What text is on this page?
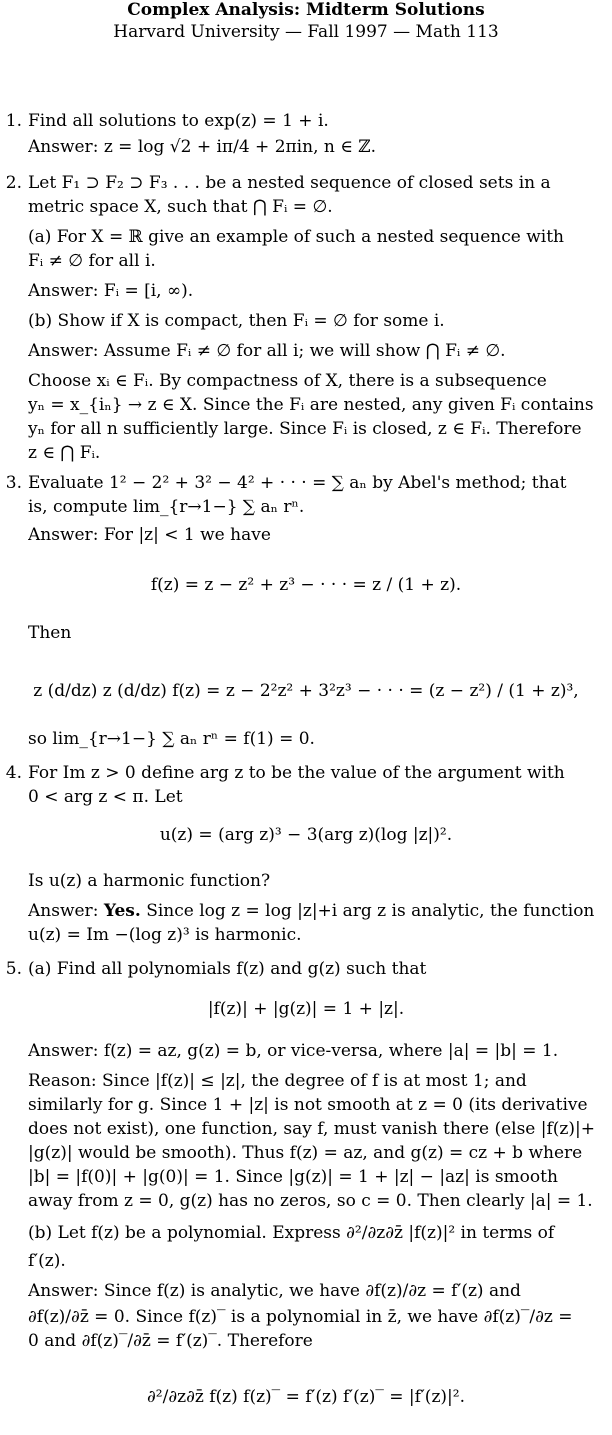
Complex Analysis: Midterm Solutions
Harvard University — Fall 1997 — Math 113
1. Find all solutions to exp(z) = 1 + i.
Answer: z = log √2 + iπ/4 + 2πin, n ∈ ℤ.
2. Let F₁ ⊃ F₂ ⊃ F₃ . . . be a nested sequence of closed sets in a
metric space X, such that ⋂ Fᵢ = ∅.
(a) For X = ℝ give an example of such a nested sequence with
Fᵢ ≠ ∅ for all i.
Answer: Fᵢ = [i, ∞).
(b) Show if X is compact, then Fᵢ = ∅ for some i.
Answer: Assume Fᵢ ≠ ∅ for all i; we will show ⋂ Fᵢ ≠ ∅.
Choose xᵢ ∈ Fᵢ. By compactness of X, there is a subsequence
yₙ = x_{iₙ} → z ∈ X. Since the Fᵢ are nested, any given Fᵢ contains
yₙ for all n sufficiently large. Since Fᵢ is closed, z ∈ Fᵢ. Therefore
z ∈ ⋂ Fᵢ.
3. Evaluate 1² − 2² + 3² − 4² + · · · = ∑ aₙ by Abel's method; that
is, compute lim_{r→1−} ∑ aₙ rⁿ.
Answer: For |z| < 1 we have
f(z) = z − z² + z³ − · · · = z / (1 + z).
Then
z (d/dz) z (d/dz) f(z) = z − 2²z² + 3²z³ − · · · = (z − z²) / (1 + z)³,
so lim_{r→1−} ∑ aₙ rⁿ = f(1) = 0.
4. For Im z > 0 define arg z to be the value of the argument with
0 < arg z < π. Let
u(z) = (arg z)³ − 3(arg z)(log |z|)².
Is u(z) a harmonic function?
Answer: Yes. Since log z = log |z|+i arg z is analytic, the function
u(z) = Im −(log z)³ is harmonic.
5. (a) Find all polynomials f(z) and g(z) such that
|f(z)| + |g(z)| = 1 + |z|.
Answer: f(z) = az, g(z) = b, or vice-versa, where |a| = |b| = 1.
Reason: Since |f(z)| ≤ |z|, the degree of f is at most 1; and
similarly for g. Since 1 + |z| is not smooth at z = 0 (its derivative
does not exist), one function, say f, must vanish there (else |f(z)|+
|g(z)| would be smooth). Thus f(z) = az, and g(z) = cz + b where
|b| = |f(0)| + |g(0)| = 1. Since |g(z)| = 1 + |z| − |az| is smooth
away from z = 0, g(z) has no zeros, so c = 0. Then clearly |a| = 1.
(b) Let f(z) be a polynomial. Express ∂²/∂z∂z̄ |f(z)|² in terms of
f′(z).
Answer: Since f(z) is analytic, we have ∂f(z)/∂z = f′(z) and
∂f(z)/∂z̄ = 0. Since f(z)‾ is a polynomial in z̄, we have ∂f(z)‾/∂z =
0 and ∂f(z)‾/∂z̄ = f′(z)‾. Therefore
∂²/∂z∂z̄ f(z) f(z)‾ = f′(z) f′(z)‾ = |f′(z)|².
